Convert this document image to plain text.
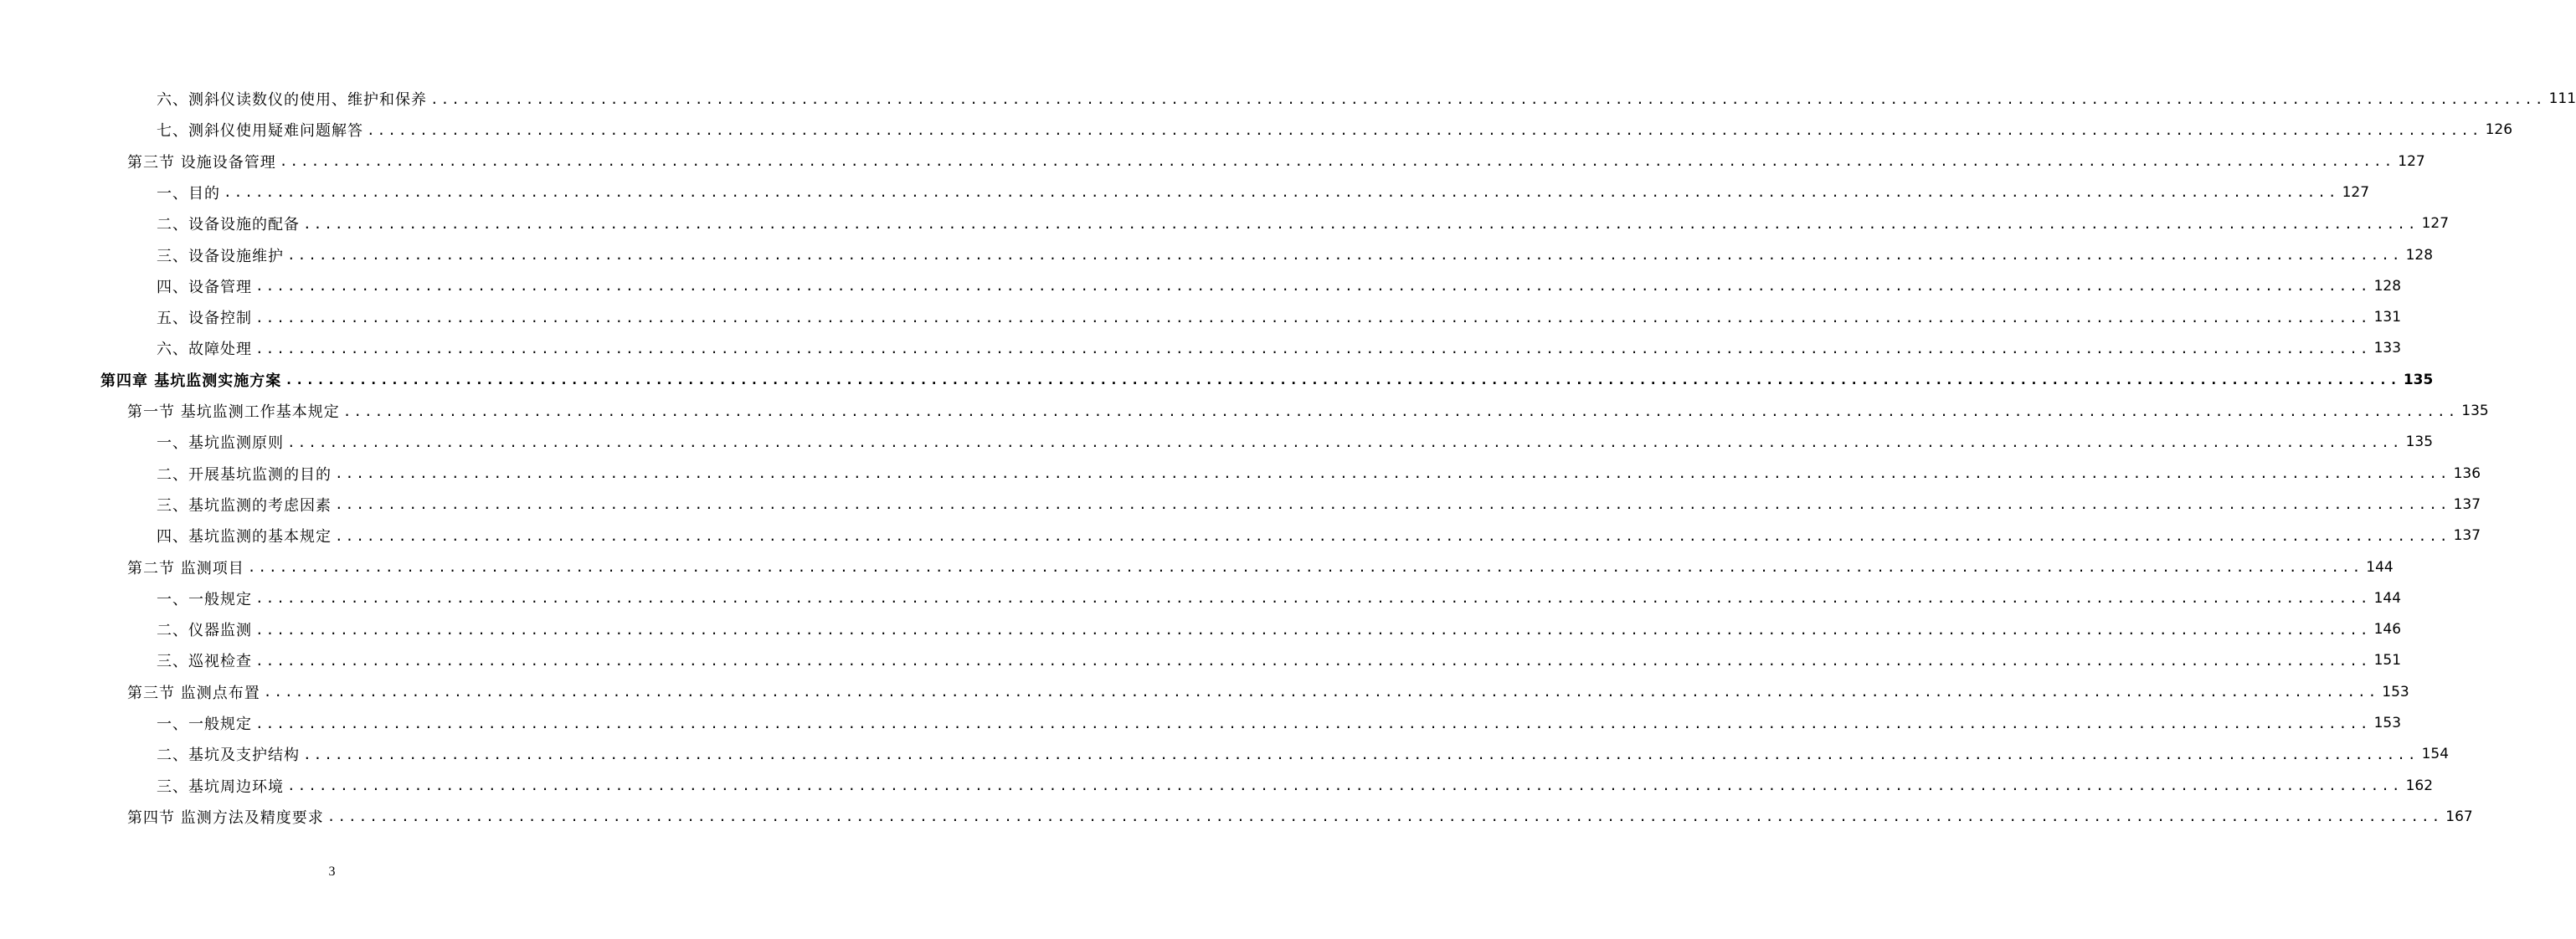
六、测斜仪读数仪的使用、维护和保养 ........................................................................................................................................................................................................ 111
七、测斜仪使用疑难问题解答 ........................................................................................................................................................................................................ 126
第三节 设施设备管理 ........................................................................................................................................................................................................ 127
一、目的 ........................................................................................................................................................................................................ 127
二、设备设施的配备 ........................................................................................................................................................................................................ 127
三、设备设施维护 ........................................................................................................................................................................................................ 128
四、设备管理 ........................................................................................................................................................................................................ 128
五、设备控制 ........................................................................................................................................................................................................ 131
六、故障处理 ........................................................................................................................................................................................................ 133
第四章 基坑监测实施方案 ........................................................................................................................................................................................................ 135
第一节 基坑监测工作基本规定 ........................................................................................................................................................................................................ 135
一、基坑监测原则 ........................................................................................................................................................................................................ 135
二、开展基坑监测的目的 ........................................................................................................................................................................................................ 136
三、基坑监测的考虑因素 ........................................................................................................................................................................................................ 137
四、基坑监测的基本规定 ........................................................................................................................................................................................................ 137
第二节 监测项目 ........................................................................................................................................................................................................ 144
一、一般规定 ........................................................................................................................................................................................................ 144
二、仪器监测 ........................................................................................................................................................................................................ 146
三、巡视检查 ........................................................................................................................................................................................................ 151
第三节 监测点布置 ........................................................................................................................................................................................................ 153
一、一般规定 ........................................................................................................................................................................................................ 153
二、基坑及支护结构 ........................................................................................................................................................................................................ 154
三、基坑周边环境 ........................................................................................................................................................................................................ 162
第四节 监测方法及精度要求 ........................................................................................................................................................................................................ 167
3
